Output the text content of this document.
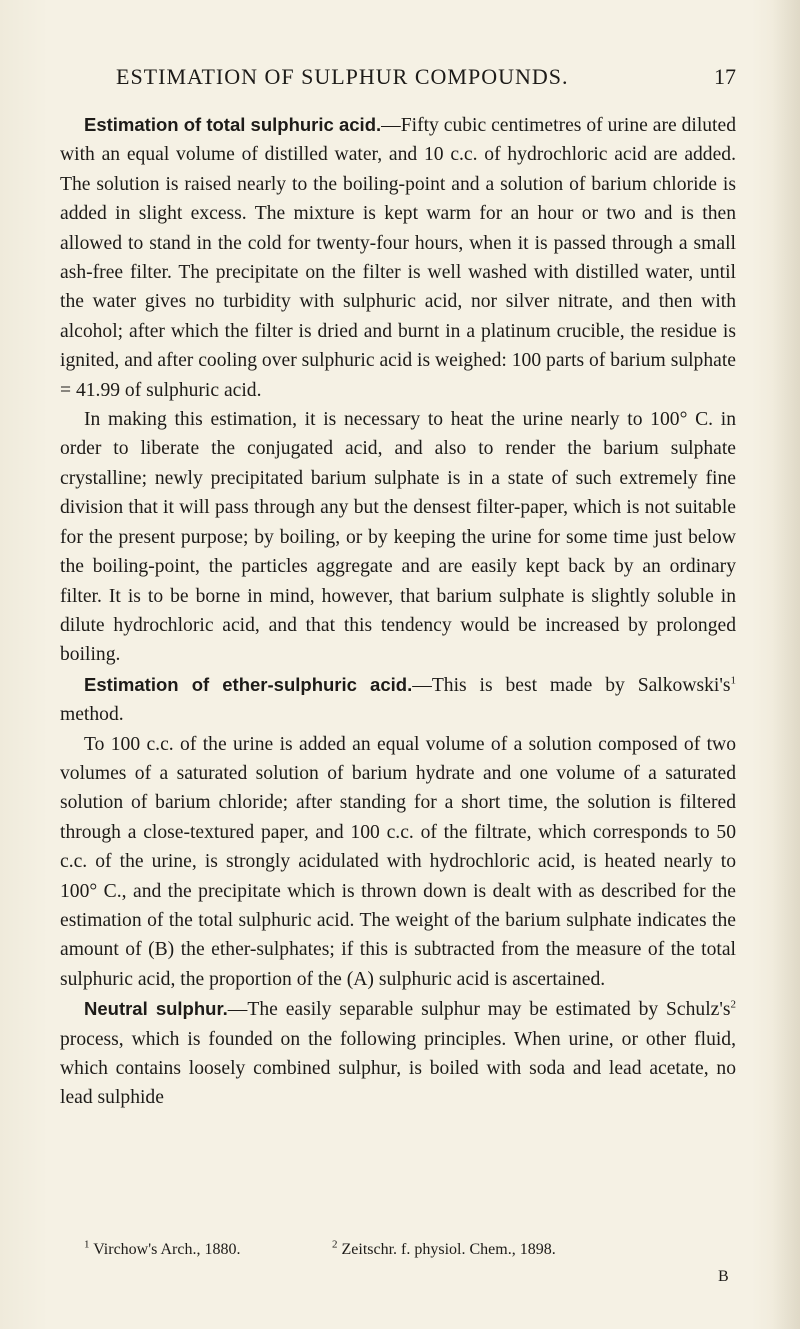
ESTIMATION OF SULPHUR COMPOUNDS.	17

Estimation of total sulphuric acid.—Fifty cubic centimetres of urine are diluted with an equal volume of distilled water, and 10 c.c. of hydrochloric acid are added. The solution is raised nearly to the boiling-point and a solution of barium chloride is added in slight excess. The mixture is kept warm for an hour or two and is then allowed to stand in the cold for twenty-four hours, when it is passed through a small ash-free filter. The precipitate on the filter is well washed with distilled water, until the water gives no turbidity with sulphuric acid, nor silver nitrate, and then with alcohol; after which the filter is dried and burnt in a platinum crucible, the residue is ignited, and after cooling over sulphuric acid is weighed: 100 parts of barium sulphate = 41.99 of sulphuric acid.

In making this estimation, it is necessary to heat the urine nearly to 100° C. in order to liberate the conjugated acid, and also to render the barium sulphate crystalline; newly precipitated barium sulphate is in a state of such extremely fine division that it will pass through any but the densest filter-paper, which is not suitable for the present purpose; by boiling, or by keeping the urine for some time just below the boiling-point, the particles aggregate and are easily kept back by an ordinary filter. It is to be borne in mind, however, that barium sulphate is slightly soluble in dilute hydrochloric acid, and that this tendency would be increased by prolonged boiling.

Estimation of ether-sulphuric acid.—This is best made by $Salkowski's^1$ method.

To 100 c.c. of the urine is added an equal volume of a solution composed of two volumes of a saturated solution of barium hydrate and one volume of a saturated solution of barium chloride; after standing for a short time, the solution is filtered through a close-textured paper, and 100 c.c. of the filtrate, which corresponds to 50 c.c. of the urine, is strongly acidulated with hydrochloric acid, is heated nearly to 100° C., and the precipitate which is thrown down is dealt with as described for the estimation of the total sulphuric acid. The weight of the barium sulphate indicates the amount of (B) the ether-sulphates; if this is subtracted from the measure of the total sulphuric acid, the proportion of the (A) sulphuric acid is ascertained.

Neutral sulphur.—The easily separable sulphur may be estimated by $Schulz's^2$ process, which is founded on the following principles. When urine, or other fluid, which contains loosely combined sulphur, is boiled with soda and lead acetate, no lead sulphide

$^1$ Virchow's Arch., 1880.	$^2$ Zeitschr. f. physiol. Chem., 1898.
B
